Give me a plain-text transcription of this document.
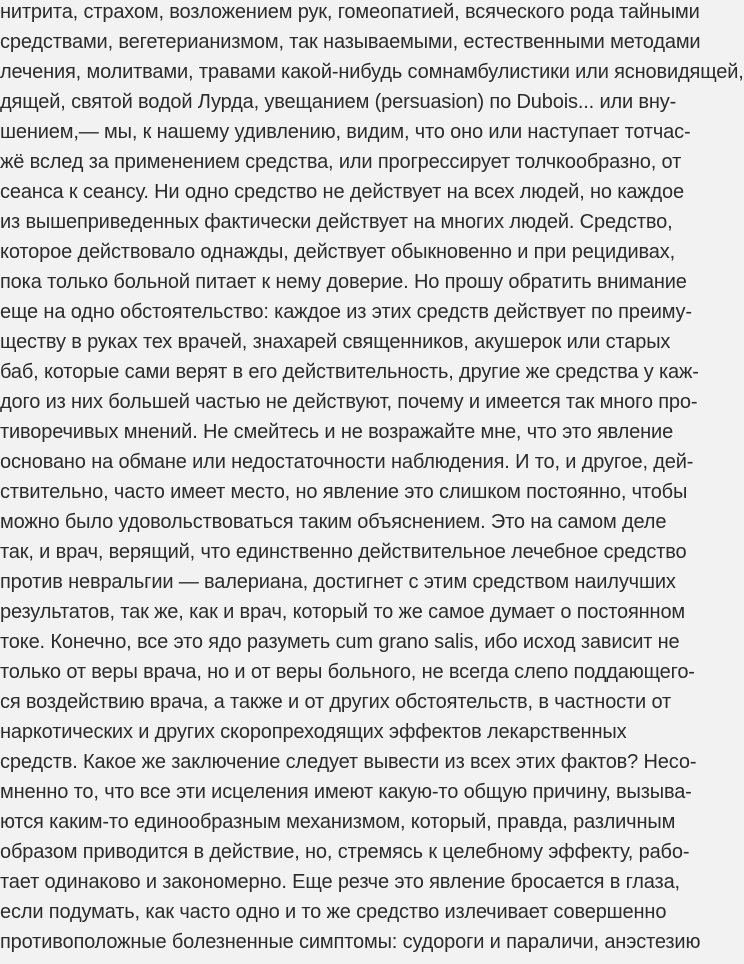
нитрита, страхом, возложением рук, гомеопатией, всяческого рода тайными
средствами, вегетерианизмом, так называемыми, естественными методами
лечения, молитвами, травами какой-нибудь сомнамбулистики или ясновидящей,
дящей, святой водой Лурда, увещанием (persuasion) по Dubois... или вну-
шением,— мы, к нашему удивлению, видим, что оно или наступает тотчас-
жё вслед за применением средства, или прогрессирует толчкообразно, от
сеанса к сеансу. Ни одно средство не действует на всех людей, но каждое
из вышеприведенных фактически действует на многих людей. Средство,
которое действовало однажды, действует обыкновенно и при рецидивах,
пока только больной питает к нему доверие. Но прошу обратить внимание
еще на одно обстоятельство: каждое из этих средств действует по преиму-
ществу в руках тех врачей, знахарей священников, акушерок или старых
баб, которые сами верят в его действительность, другие же средства у каж-
дого из них большей частью не действуют, почему и имеется так много про-
тиворечивых мнений. Не смейтесь и не возражайте мне, что это явление
основано на обмане или недостаточности наблюдения. И то, и другое, дей-
ствительно, часто имеет место, но явление это слишком постоянно, чтобы
можно было удовольствоваться таким объяснением. Это на самом деле
так, и врач, верящий, что единственно действительное лечебное средство
против невральгии — валериана, достигнет с этим средством наилучших
результатов, так же, как и врач, который то же самое думает о постоянном
токе. Конечно, все это ядо разуметь cum grano salis, ибо исход зависит не
только от веры врача, но и от веры больного, не всегда слепо поддающего-
ся воздействию врача, а также и от других обстоятельств, в частности от
наркотических и других скоропреходящих эффектов лекарственных
средств. Какое же заключение следует вывести из всех этих фактов? Несо-
мненно то, что все эти исцеления имеют какую-то общую причину, вызыва-
ются каким-то единообразным механизмом, который, правда, различным
образом приводится в действие, но, стремясь к целебному эффекту, рабо-
тает одинаково и закономерно. Еще резче это явление бросается в глаза,
если подумать, как часто одно и то же средство излечивает совершенно
противоположные болезненные симптомы: судороги и параличи, анэстезию
